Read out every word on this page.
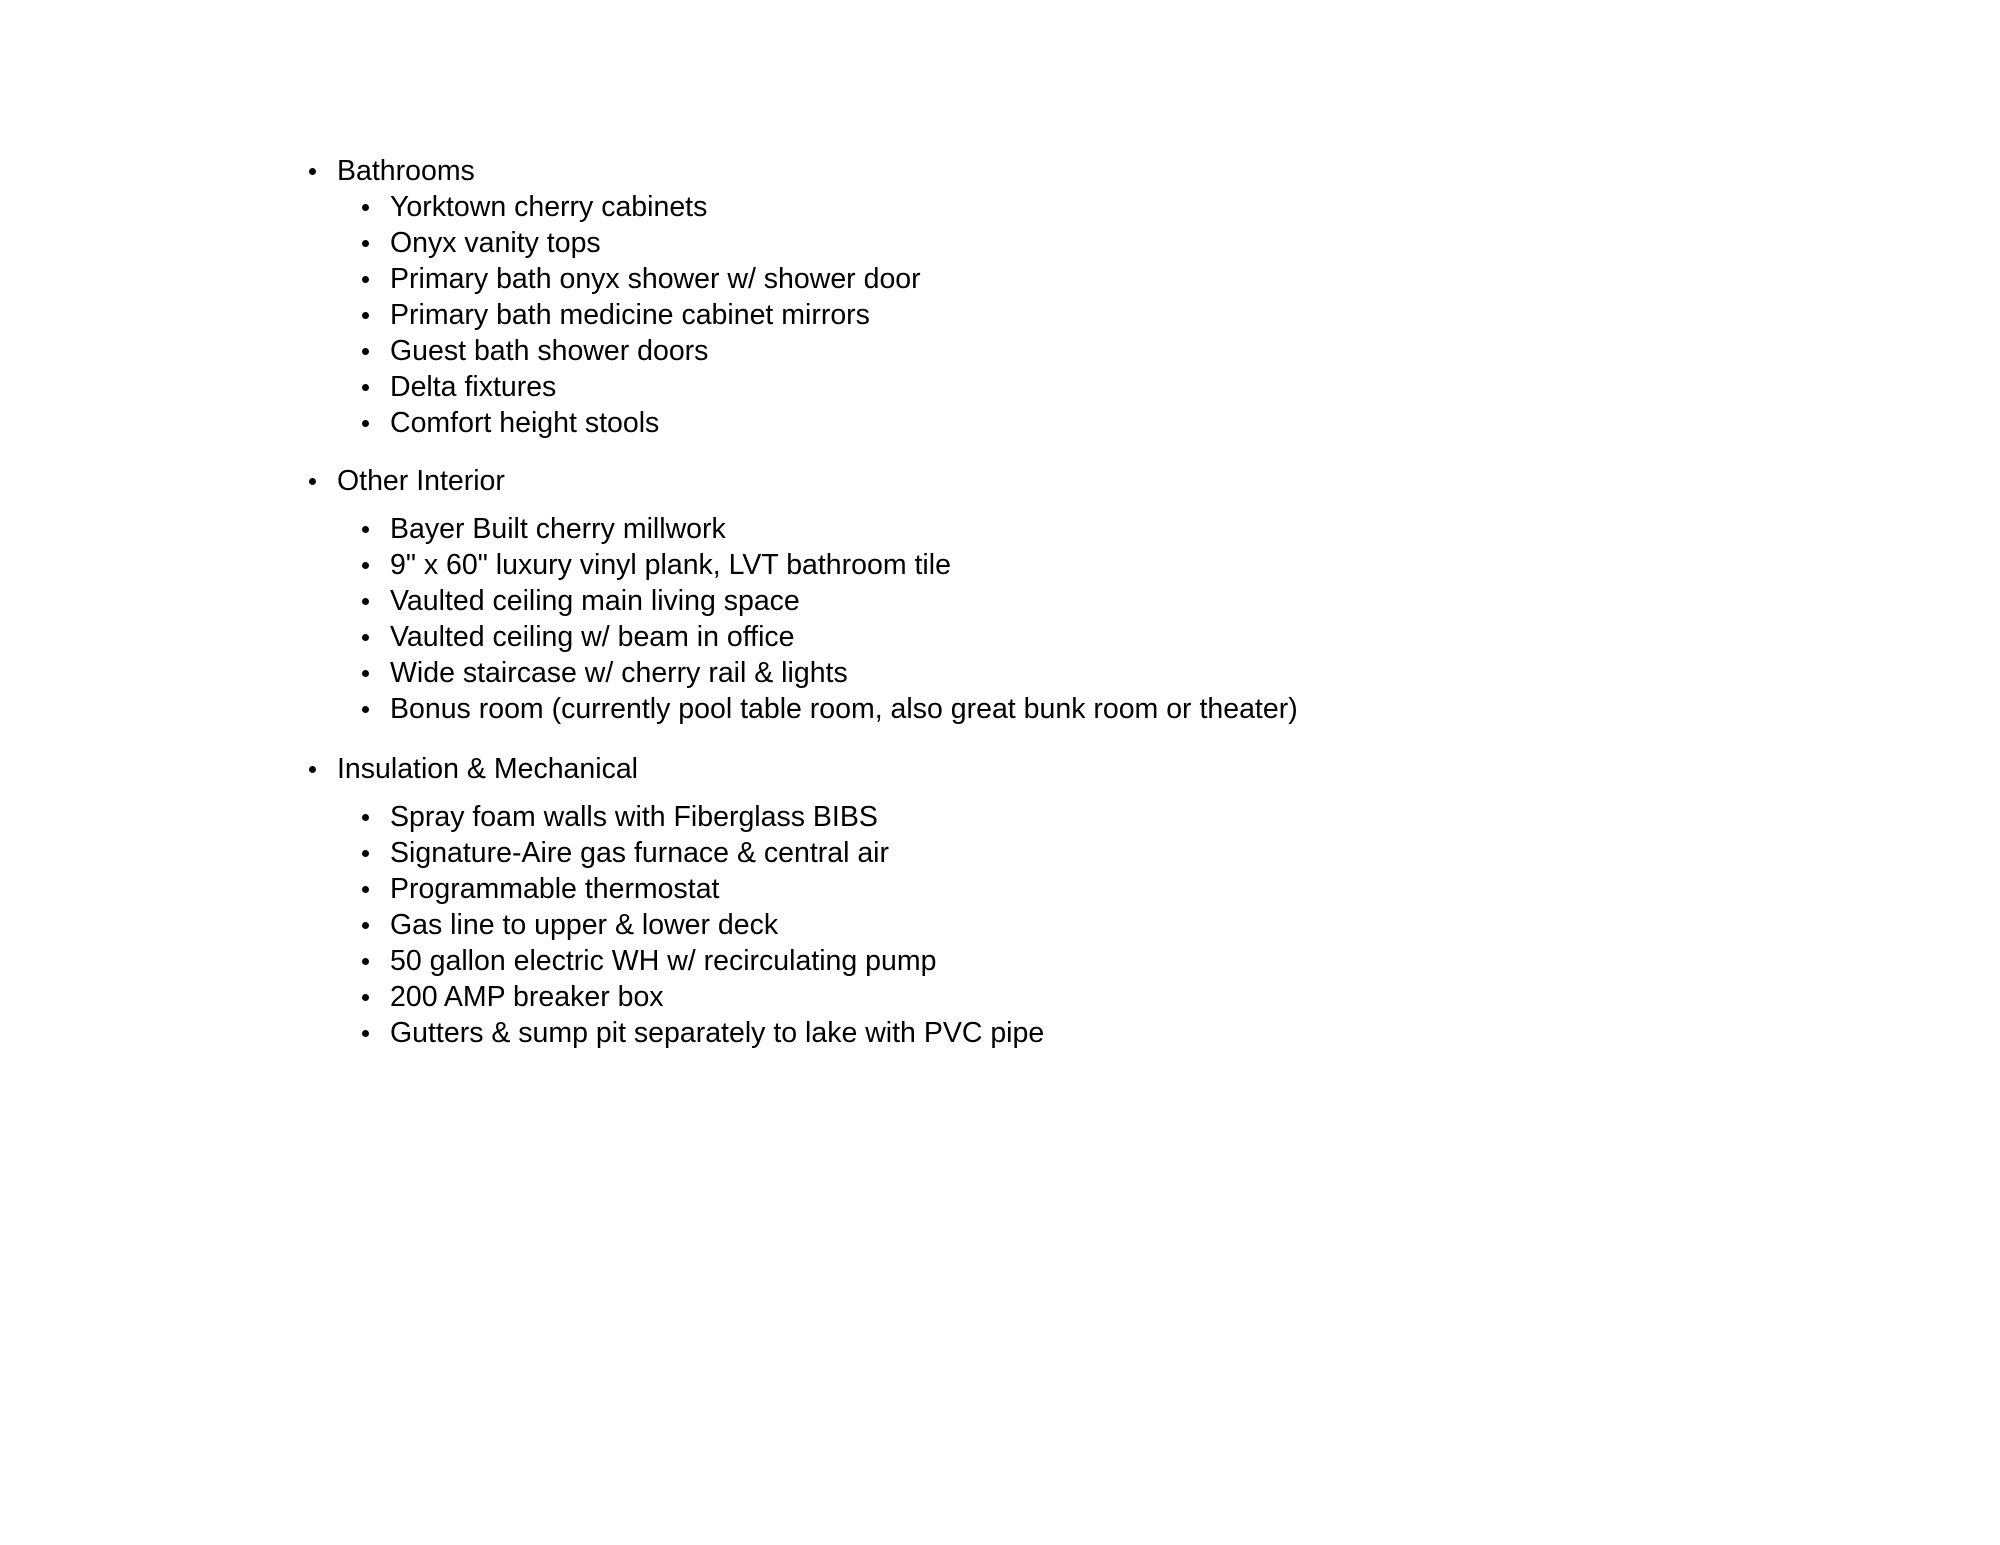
Bathrooms
Yorktown cherry cabinets
Onyx vanity tops
Primary bath onyx shower w/ shower door
Primary bath medicine cabinet mirrors
Guest bath shower doors
Delta fixtures
Comfort height stools
Other Interior
Bayer Built cherry millwork
9" x 60" luxury vinyl plank, LVT bathroom tile
Vaulted ceiling main living space
Vaulted ceiling w/ beam in office
Wide staircase w/ cherry rail & lights
Bonus room (currently pool table room, also great bunk room or theater)
Insulation & Mechanical
Spray foam walls with Fiberglass BIBS
Signature-Aire gas furnace & central air
Programmable thermostat
Gas line to upper & lower deck
50 gallon electric WH w/ recirculating pump
200 AMP breaker box
Gutters & sump pit separately to lake with PVC pipe
